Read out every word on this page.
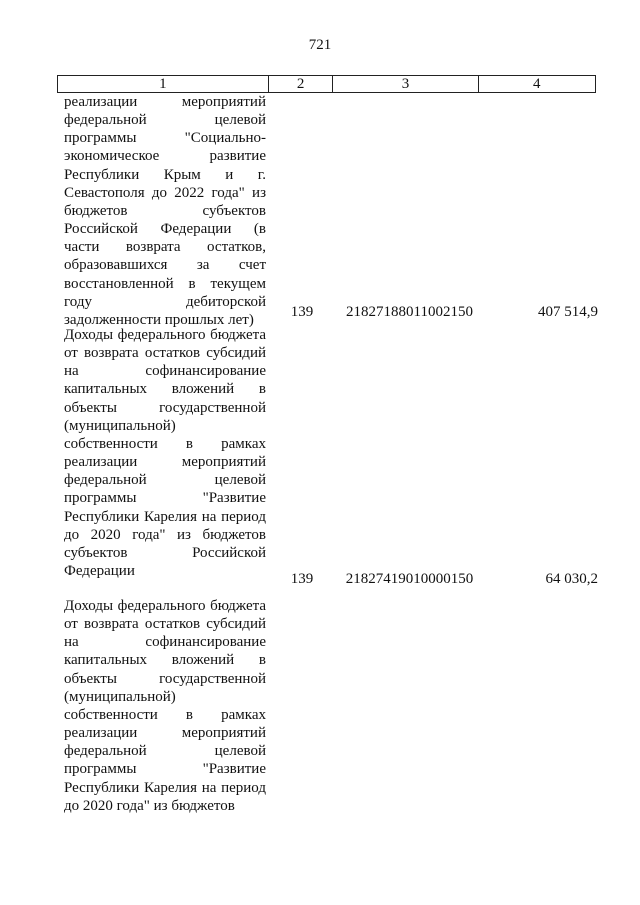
721
1	2	3	4
реализации мероприятий федеральной целевой программы "Социально-экономическое развитие Республики Крым и г. Севастополя до 2022 года" из бюджетов субъектов Российской Федерации (в части возврата остатков, образовавшихся за счет восстановленной в текущем году дебиторской задолженности прошлых лет)	139	21827188011002150	407 514,9
Доходы федерального бюджета от возврата остатков субсидий на софинансирование капитальных вложений в объекты государственной (муниципальной) собственности в рамках реализации мероприятий федеральной целевой программы "Развитие Республики Карелия на период до 2020 года" из бюджетов субъектов Российской Федерации	139	21827419010000150	64 030,2
Доходы федерального бюджета от возврата остатков субсидий на софинансирование капитальных вложений в объекты государственной (муниципальной) собственности в рамках реализации мероприятий федеральной целевой программы "Развитие Республики Карелия на период до 2020 года" из бюджетов
